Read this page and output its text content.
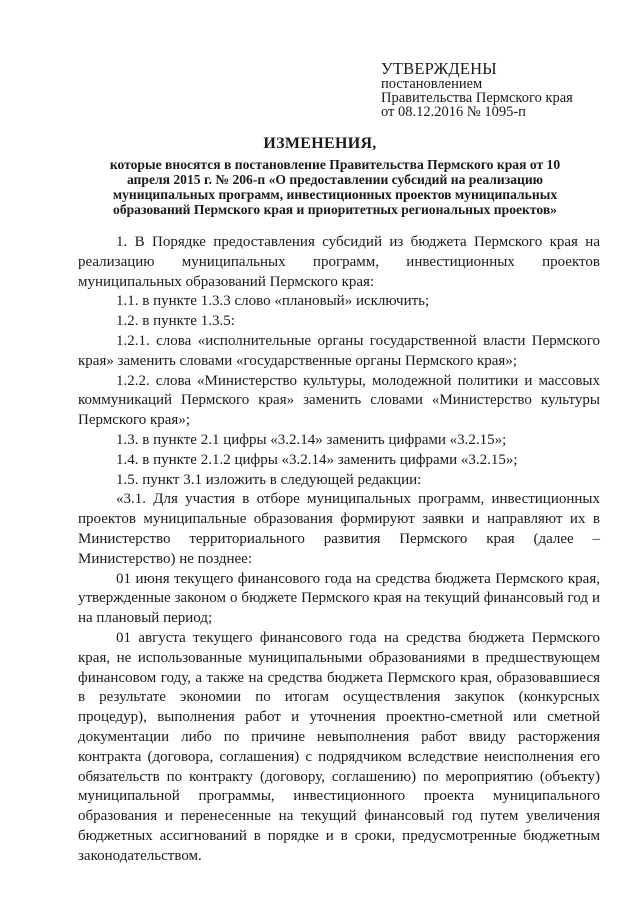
УТВЕРЖДЕНЫ
постановлением
Правительства Пермского края
от 08.12.2016 № 1095-п
ИЗМЕНЕНИЯ,
которые вносятся в постановление Правительства Пермского края от 10 апреля 2015 г. № 206-п «О предоставлении субсидий на реализацию муниципальных программ, инвестиционных проектов муниципальных образований Пермского края и приоритетных региональных проектов»

1. В Порядке предоставления субсидий из бюджета Пермского края на реализацию муниципальных программ, инвестиционных проектов муниципальных образований Пермского края:

1.1. в пункте 1.3.3 слово «плановый» исключить;

1.2. в пункте 1.3.5:

1.2.1. слова «исполнительные органы государственной власти Пермского края» заменить словами «государственные органы Пермского края»;

1.2.2. слова «Министерство культуры, молодежной политики и массовых коммуникаций Пермского края» заменить словами «Министерство культуры Пермского края»;

1.3. в пункте 2.1 цифры «3.2.14» заменить цифрами «3.2.15»;

1.4. в пункте 2.1.2 цифры «3.2.14» заменить цифрами «3.2.15»;

1.5. пункт 3.1 изложить в следующей редакции:

«3.1. Для участия в отборе муниципальных программ, инвестиционных проектов муниципальные образования формируют заявки и направляют их в Министерство территориального развития Пермского края (далее – Министерство) не позднее:

01 июня текущего финансового года на средства бюджета Пермского края, утвержденные законом о бюджете Пермского края на текущий финансовый год и на плановый период;

01 августа текущего финансового года на средства бюджета Пермского края, не использованные муниципальными образованиями в предшествующем финансовом году, а также на средства бюджета Пермского края, образовавшиеся в результате экономии по итогам осуществления закупок (конкурсных процедур), выполнения работ и уточнения проектно-сметной или сметной документации либо по причине невыполнения работ ввиду расторжения контракта (договора, соглашения) с подрядчиком вследствие неисполнения его обязательств по контракту (договору, соглашению) по мероприятию (объекту) муниципальной программы, инвестиционного проекта муниципального образования и перенесенные на текущий финансовый год путем увеличения бюджетных ассигнований в порядке и в сроки, предусмотренные бюджетным законодательством.
